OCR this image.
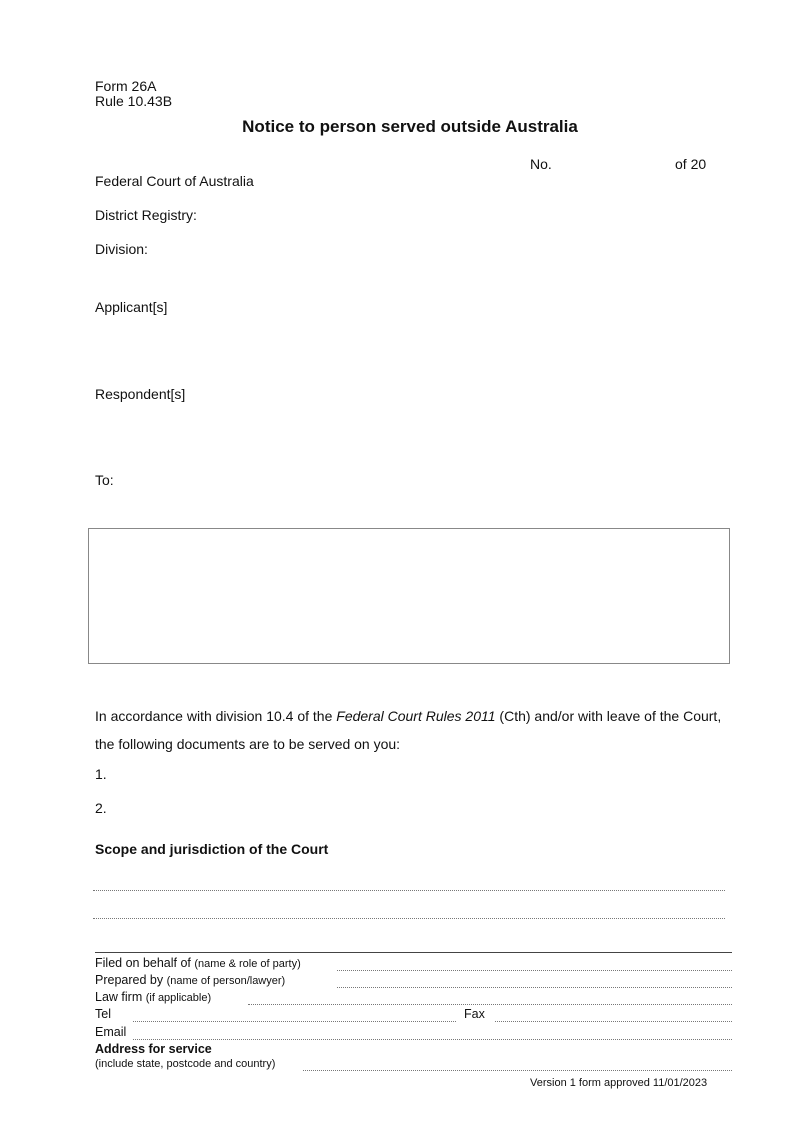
Form 26A
Rule 10.43B
Notice to person served outside Australia
No.	of 20
Federal Court of Australia
District Registry:
Division:
Applicant[s]
Respondent[s]
To:
In accordance with division 10.4 of the Federal Court Rules 2011 (Cth) and/or with leave of the Court, the following documents are to be served on you:
1.
2.
Scope and jurisdiction of the Court
Filed on behalf of (name & role of party)
Prepared by (name of person/lawyer)
Law firm (if applicable)
Tel	Fax
Email
Address for service
(include state, postcode and country)
Version 1 form approved 11/01/2023
